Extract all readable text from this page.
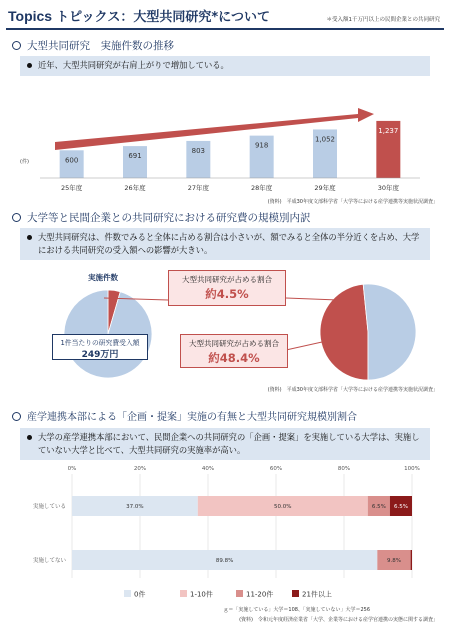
Topics トピックス：大型共同研究*について	＊受入額1千万円以上の民間企業との共同研究
大型共同研究　実施件数の推移
近年、大型共同研究が右肩上がりで増加している。
600
25年度
691
26年度
803
27年度
918
28年度
1,052
29年度
1,237
30年度
(件)
(資料)　平成30年度文部科学省「大学等における産学連携等実施状況調査」
大学等と民間企業との共同研究における研究費の規模別内訳
大型共同研究は、件数でみると全体に占める割合は小さいが、額でみると全体の半分近くを占め、大学における共同研究の受入額への影響が大きい。
実施件数	大型共同研究が占める割合
約4.5%
大型共同研究が占める割合
約48.4%
1件当たりの研究費受入額
249万円
(資料)　平成30年度文部科学省「大学等における産学連携等実施状況調査」
産学連携本部による「企画・提案」実施の有無と大型共同研究規模別割合
大学の産学連携本部において、民間企業への共同研究の「企画・提案」を実施している大学は、実施していない大学と比べて、大型共同研究の実施率が高い。
0%	20%	40%	60%	80%	100%
実施している	37.0%	50.0%	6.5% 6.5%
実施してない	89.8%	9.8%
0件	1-10件	11-20件	21件以上
ｇ＝「実施している」大学＝108、「実施していない」大学＝256
(資料)　令和元年度経済産業省「大学、企業等における産学官連携の実態に関する調査」
